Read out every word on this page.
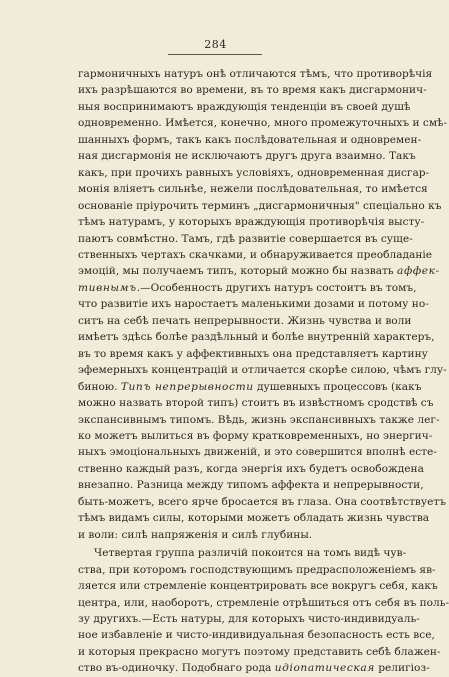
284
гармоничныхъ натуръ онѣ отличаются тѣмъ, что противорѣчія
ихъ разрѣшаются во времени, въ то время какъ дисгармонич-
ныя воспринимаютъ враждующія тенденціи въ своей душѣ
одновременно. Имѣется, конечно, много промежуточныхъ и смѣ-
шанныхъ формъ, такъ какъ послѣдовательная и одновремен-
ная дисгармонія не исключаютъ другъ друга взаимно. Такъ
какъ, при прочихъ равныхъ условіяхъ, одновременная дисгар-
монія вліяетъ сильнѣе, нежели послѣдовательная, то имѣется
основаніе пріурочить терминъ „дисгармоничныя" спеціально къ
тѣмъ натурамъ, у которыхъ враждующія противорѣчія высту-
паютъ совмѣстно. Тамъ, гдѣ развитіе совершается въ суще-
ственныхъ чертахъ скачками, и обнаруживается преобладаніе
эмоцій, мы получаемъ типъ, который можно бы назвать аффек-
тивнымъ.—Особенность другихъ натуръ состоитъ въ томъ,
что развитіе ихъ наростаетъ маленькими дозами и потому но-
ситъ на себѣ печать непрерывности. Жизнь чувства и воли
имѣетъ здѣсь болѣе раздѣльный и болѣе внутренній характеръ,
въ то время какъ у аффективныхъ она представляетъ картину
эфемерныхъ концентрацій и отличается скорѣе силою, чѣмъ глу-
биною. Типъ непрерывности душевныхъ процессовъ (какъ
можно назвать второй типъ) стоитъ въ извѣстномъ сродствѣ съ
экспансивнымъ типомъ. Вѣдь, жизнь экспансивныхъ также лег-
ко можетъ вылиться въ форму кратковременныхъ, но энергич-
ныхъ эмоціональныхъ движеній, и это совершится вполнѣ есте-
ственно каждый разъ, когда энергія ихъ будетъ освобождена
внезапно. Разница между типомъ аффекта и непрерывности,
быть-можетъ, всего ярче бросается въ глаза. Она соотвѣтствуетъ
тѣмъ видамъ силы, которыми можетъ обладать жизнь чувства
и воли: силѣ напряженія и силѣ глубины.
Четвертая группа различій покоится на томъ видѣ чув-
ства, при которомъ господствующимъ предрасположеніемъ яв-
ляется или стремленіе концентрировать все вокругъ себя, какъ
центра, или, наоборотъ, стремленіе отрѣшиться отъ себя въ поль-
зу другихъ.—Есть натуры, для которыхъ чисто-индивидуаль-
ное избавленіе и чисто-индивидуальная безопасность есть все,
и которыя прекрасно могутъ поэтому представить себѣ блажен-
ство въ-одиночку. Подобнаго рода идіопатическая религіоз-
